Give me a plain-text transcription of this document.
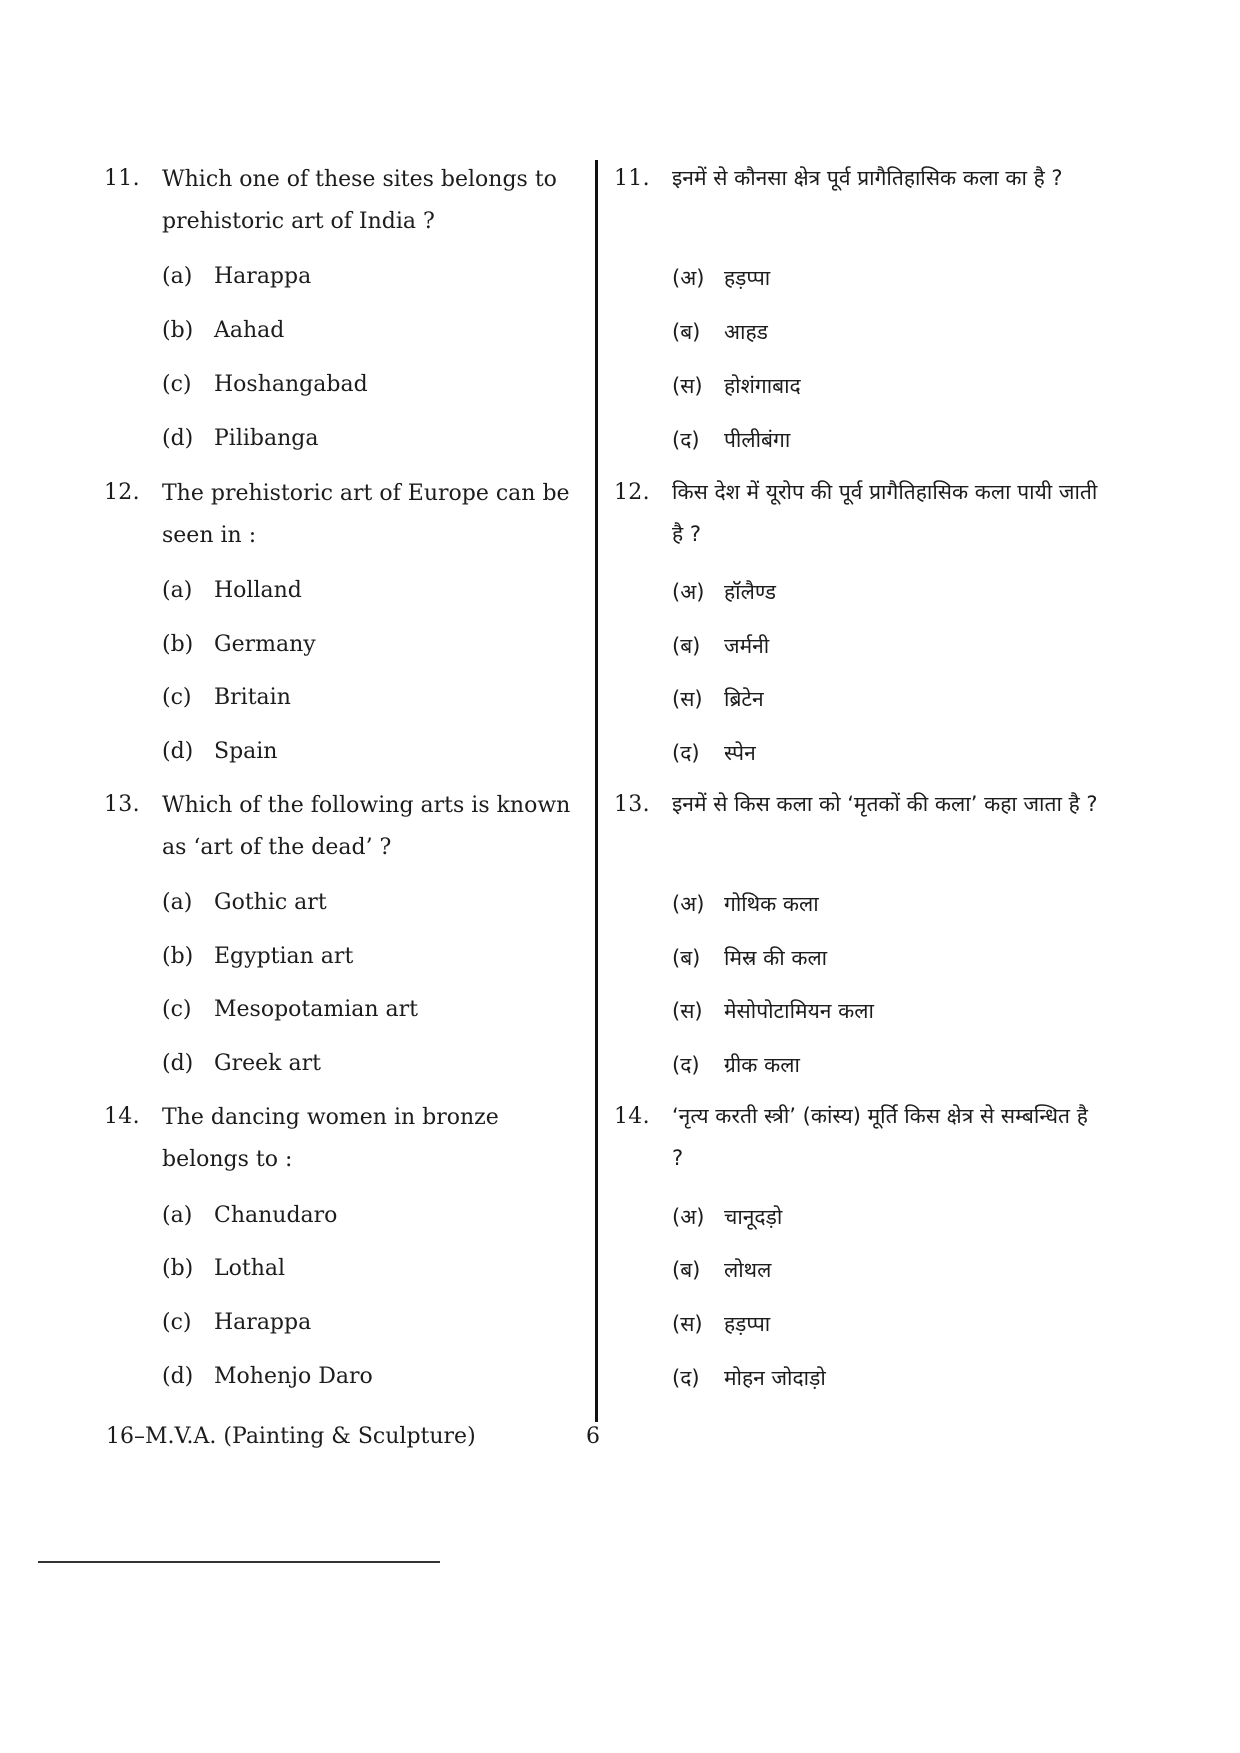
11. Which one of these sites belongs to prehistoric art of India ?
(a) Harappa
(b) Aahad
(c) Hoshangabad
(d) Pilibanga
12. The prehistoric art of Europe can be seen in :
(a) Holland
(b) Germany
(c) Britain
(d) Spain
13. Which of the following arts is known as ‘art of the dead’ ?
(a) Gothic art
(b) Egyptian art
(c) Mesopotamian art
(d) Greek art
14. The dancing women in bronze belongs to :
(a) Chanudaro
(b) Lothal
(c) Harappa
(d) Mohenjo Daro
11. इनमें से कौनसा क्षेत्र पूर्व प्रागैतिहासिक कला का है ?
(अ) हड़प्पा
(ब) आहड
(स) होशंगाबाद
(द) पीलीबंगा
12. किस देश में यूरोप की पूर्व प्रागैतिहासिक कला पायी जाती है ?
(अ) हॉलैण्ड
(ब) जर्मनी
(स) ब्रिटेन
(द) स्पेन
13. इनमें से किस कला को ‘मृतकों की कला’ कहा जाता है ?
(अ) गोथिक कला
(ब) मिस्र की कला
(स) मेसोपोटामियन कला
(द) ग्रीक कला
14. ‘नृत्य करती स्त्री’ (कांस्य) मूर्ति किस क्षेत्र से सम्बन्धित है ?
(अ) चानूदड़ो
(ब) लोथल
(स) हड़प्पा
(द) मोहन जोदाड़ो
16–M.V.A. (Painting & Sculpture)	6
